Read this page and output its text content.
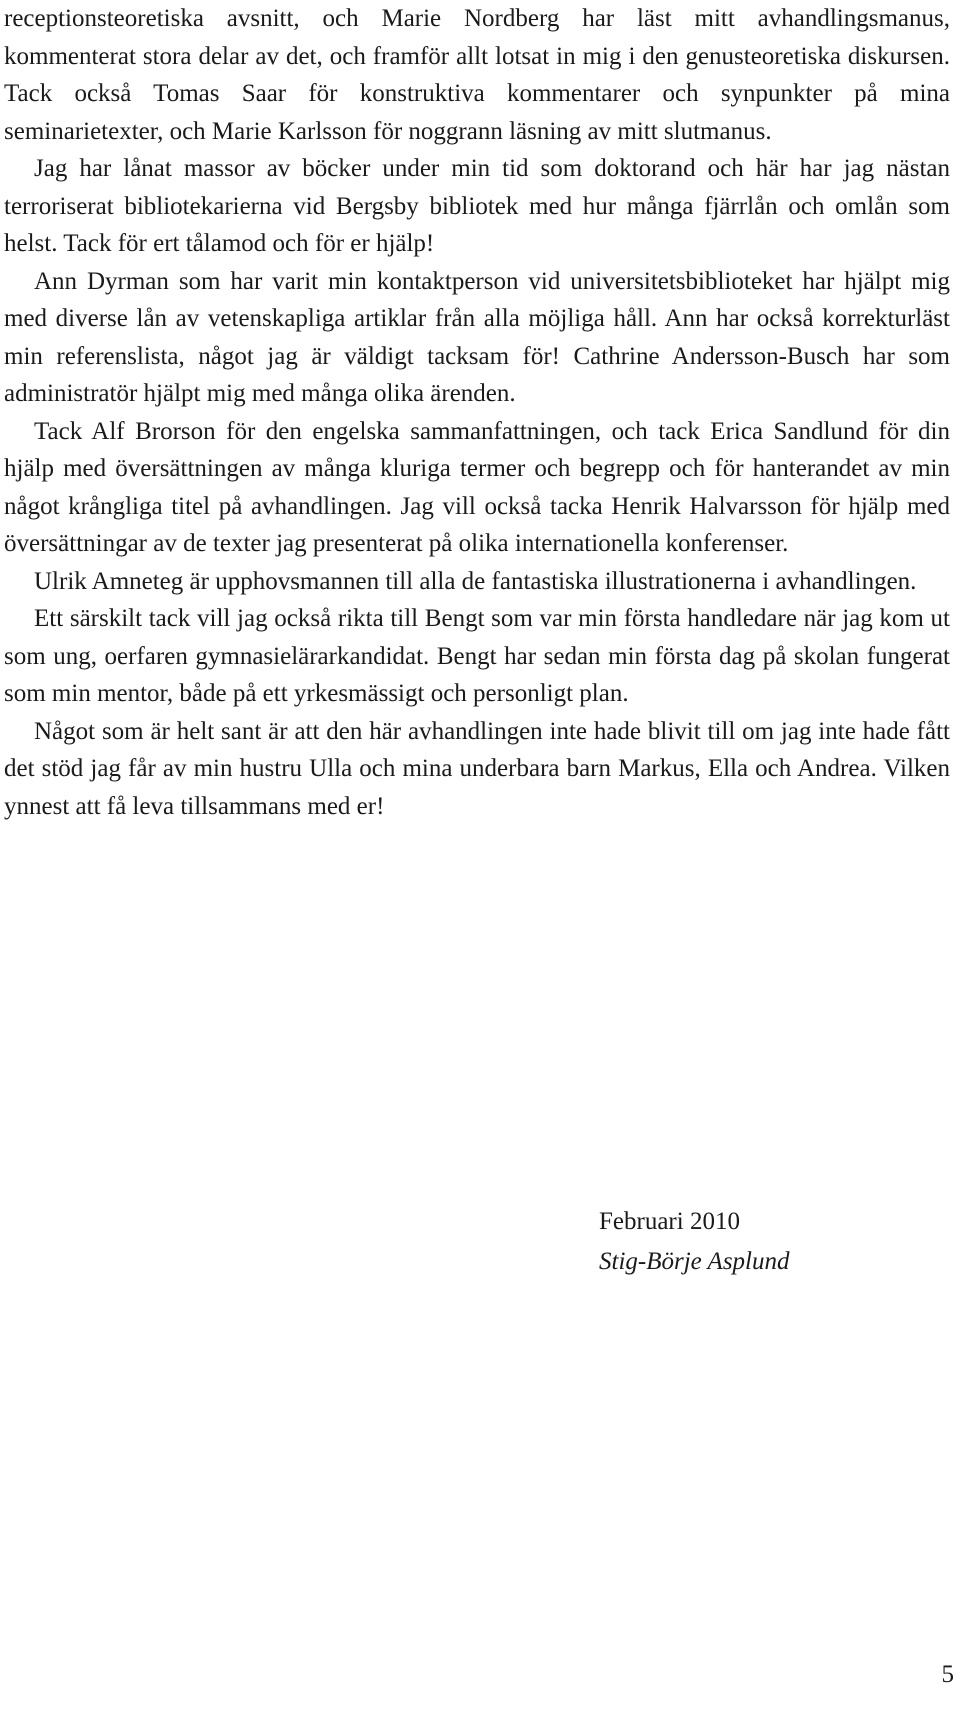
receptionsteoretiska avsnitt, och Marie Nordberg har läst mitt avhandlingsmanus, kommenterat stora delar av det, och framför allt lotsat in mig i den genusteoretiska diskursen. Tack också Tomas Saar för konstruktiva kommentarer och synpunkter på mina seminarietexter, och Marie Karlsson för noggrann läsning av mitt slutmanus.

Jag har lånat massor av böcker under min tid som doktorand och här har jag nästan terroriserat bibliotekarierna vid Bergsby bibliotek med hur många fjärrlån och omlån som helst. Tack för ert tålamod och för er hjälp!

Ann Dyrman som har varit min kontaktperson vid universitetsbiblioteket har hjälpt mig med diverse lån av vetenskapliga artiklar från alla möjliga håll. Ann har också korrekturläst min referenslista, något jag är väldigt tacksam för! Cathrine Andersson-Busch har som administratör hjälpt mig med många olika ärenden.

Tack Alf Brorson för den engelska sammanfattningen, och tack Erica Sandlund för din hjälp med översättningen av många kluriga termer och begrepp och för hanterandet av min något krångliga titel på avhandlingen. Jag vill också tacka Henrik Halvarsson för hjälp med översättningar av de texter jag presenterat på olika internationella konferenser.

Ulrik Amneteg är upphovsmannen till alla de fantastiska illustrationerna i avhandlingen.

Ett särskilt tack vill jag också rikta till Bengt som var min första handledare när jag kom ut som ung, oerfaren gymnasielärarkandidat. Bengt har sedan min första dag på skolan fungerat som min mentor, både på ett yrkesmässigt och personligt plan.

Något som är helt sant är att den här avhandlingen inte hade blivit till om jag inte hade fått det stöd jag får av min hustru Ulla och mina underbara barn Markus, Ella och Andrea. Vilken ynnest att få leva tillsammans med er!

Februari 2010
Stig-Börje Asplund
5
